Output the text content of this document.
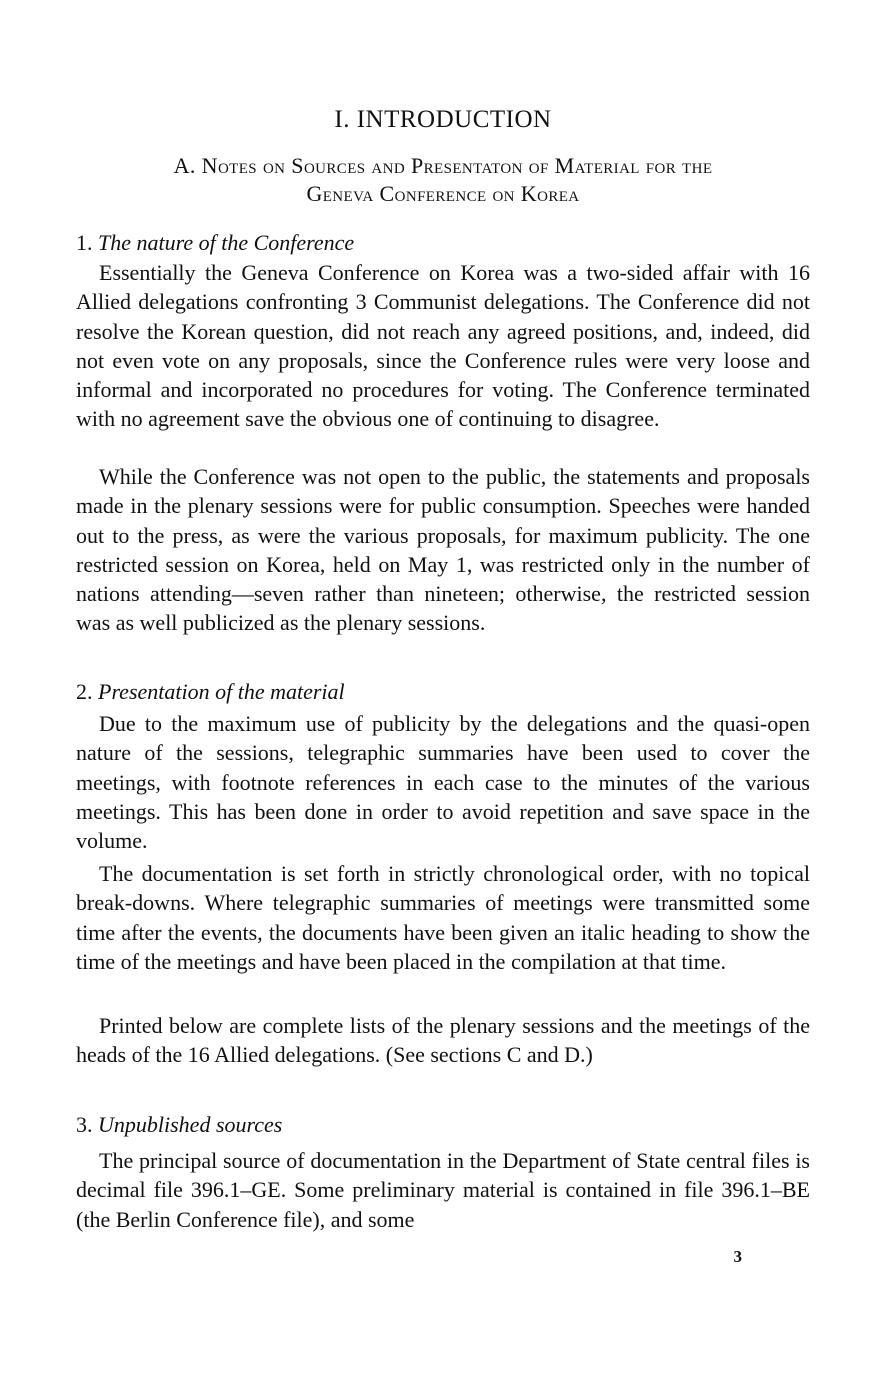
I. INTRODUCTION
A. Notes on Sources and Presentaton of Material for the
Geneva Conference on Korea
1. The nature of the Conference

Essentially the Geneva Conference on Korea was a two-sided affair with 16 Allied delegations confronting 3 Communist delegations. The Conference did not resolve the Korean question, did not reach any agreed positions, and, indeed, did not even vote on any proposals, since the Conference rules were very loose and informal and incorporated no procedures for voting. The Conference terminated with no agreement save the obvious one of continuing to disagree.

While the Conference was not open to the public, the statements and proposals made in the plenary sessions were for public consumption. Speeches were handed out to the press, as were the various proposals, for maximum publicity. The one restricted session on Korea, held on May 1, was restricted only in the number of nations attending—seven rather than nineteen; otherwise, the restricted session was as well publicized as the plenary sessions.

2. Presentation of the material

Due to the maximum use of publicity by the delegations and the quasi-open nature of the sessions, telegraphic summaries have been used to cover the meetings, with footnote references in each case to the minutes of the various meetings. This has been done in order to avoid repetition and save space in the volume.

The documentation is set forth in strictly chronological order, with no topical break-downs. Where telegraphic summaries of meetings were transmitted some time after the events, the documents have been given an italic heading to show the time of the meetings and have been placed in the compilation at that time.

Printed below are complete lists of the plenary sessions and the meetings of the heads of the 16 Allied delegations. (See sections C and D.)

3. Unpublished sources

The principal source of documentation in the Department of State central files is decimal file 396.1–GE. Some preliminary material is contained in file 396.1–BE (the Berlin Conference file), and some

3
